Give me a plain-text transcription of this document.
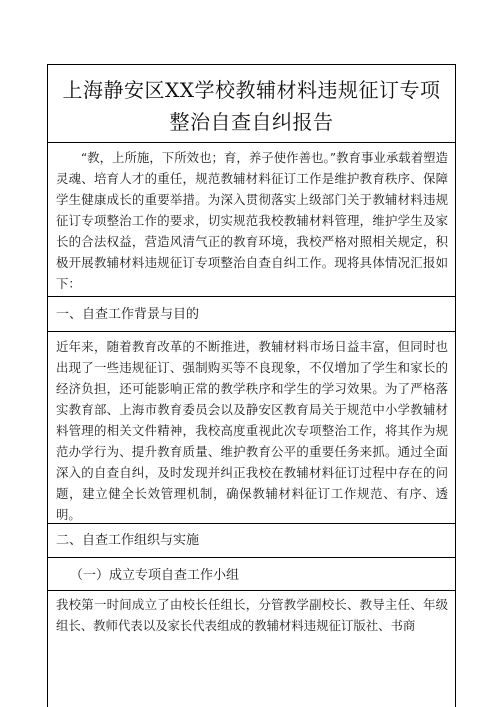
上海静安区XX学校教辅材料违规征订专项
整治自查自纠报告
“教，上所施，下所效也；育，养子使作善也。”教育事业承载着塑造灵魂、培育人才的重任，规范教辅材料征订工作是维护教育秩序、保障学生健康成长的重要举措。为深入贯彻落实上级部门关于教辅材料违规征订专项整治工作的要求，切实规范我校教辅材料管理，维护学生及家长的合法权益，营造风清气正的教育环境，我校严格对照相关规定，积极开展教辅材料违规征订专项整治自查自纠工作。现将具体情况汇报如下：
一、自查工作背景与目的
近年来，随着教育改革的不断推进，教辅材料市场日益丰富，但同时也出现了一些违规征订、强制购买等不良现象，不仅增加了学生和家长的经济负担，还可能影响正常的教学秩序和学生的学习效果。为了严格落实教育部、上海市教育委员会以及静安区教育局关于规范中小学教辅材料管理的相关文件精神，我校高度重视此次专项整治工作，将其作为规范办学行为、提升教育质量、维护教育公平的重要任务来抓。通过全面深入的自查自纠，及时发现并纠正我校在教辅材料征订过程中存在的问题，建立健全长效管理机制，确保教辅材料征订工作规范、有序、透明。
二、自查工作组织与实施
（一）成立专项自查工作小组
我校第一时间成立了由校长任组长，分管教学副校长、教导主任、年级组长、教师代表以及家长代表组成的教辅材料违规征订版社、书商
